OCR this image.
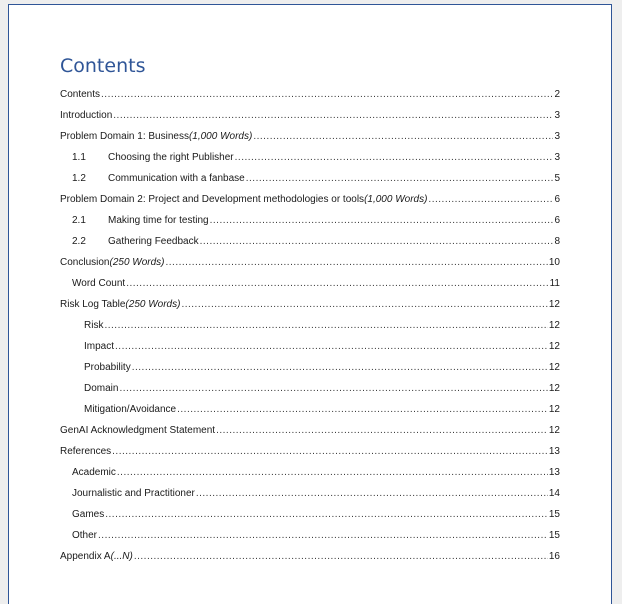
Contents
Contents .....	2
Introduction .....	3
Problem Domain 1: Business (1,000 Words) .....	3
1.1	Choosing the right Publisher .....	3
1.2	Communication with a fanbase .....	5
Problem Domain 2: Project and Development methodologies or tools (1,000 Words) .....	6
2.1	Making time for testing .....	6
2.2	Gathering Feedback .....	8
Conclusion (250 Words) .....	10
Word Count .....	11
Risk Log Table (250 Words) .....	12
Risk .....	12
Impact .....	12
Probability .....	12
Domain .....	12
Mitigation/Avoidance .....	12
GenAI Acknowledgment Statement .....	12
References .....	13
Academic .....	13
Journalistic and Practitioner .....	14
Games .....	15
Other .....	15
Appendix A (...N) .....	16
